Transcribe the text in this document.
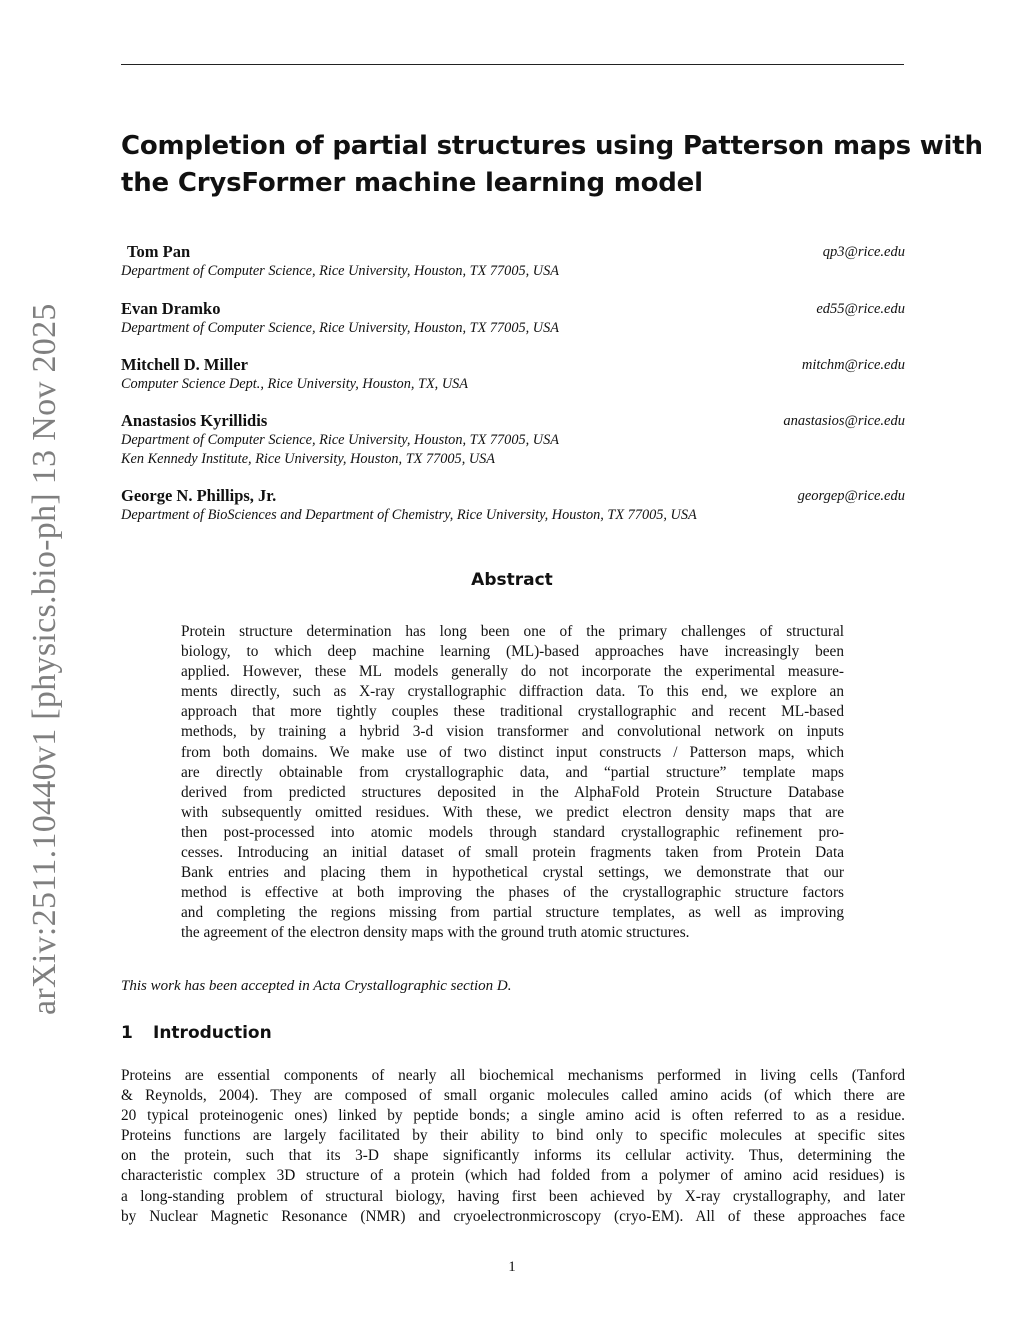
arXiv:2511.10440v1 [physics.bio-ph] 13 Nov 2025
Completion of partial structures using Patterson maps with
the CrysFormer machine learning model
Tom Pan	qp3@rice.edu
Department of Computer Science, Rice University, Houston, TX 77005, USA
Evan Dramko	ed55@rice.edu
Department of Computer Science, Rice University, Houston, TX 77005, USA
Mitchell D. Miller	mitchm@rice.edu
Computer Science Dept., Rice University, Houston, TX, USA
Anastasios Kyrillidis	anastasios@rice.edu
Department of Computer Science, Rice University, Houston, TX 77005, USA
Ken Kennedy Institute, Rice University, Houston, TX 77005, USA
George N. Phillips, Jr.	georgep@rice.edu
Department of BioSciences and Department of Chemistry, Rice University, Houston, TX 77005, USA
Abstract
Protein structure determination has long been one of the primary challenges of structural
biology, to which deep machine learning (ML)-based approaches have increasingly been
applied. However, these ML models generally do not incorporate the experimental measure-
ments directly, such as X-ray crystallographic diffraction data. To this end, we explore an
approach that more tightly couples these traditional crystallographic and recent ML-based
methods, by training a hybrid 3-d vision transformer and convolutional network on inputs
from both domains. We make use of two distinct input constructs / Patterson maps, which
are directly obtainable from crystallographic data, and “partial structure” template maps
derived from predicted structures deposited in the AlphaFold Protein Structure Database
with subsequently omitted residues. With these, we predict electron density maps that are
then post-processed into atomic models through standard crystallographic refinement pro-
cesses. Introducing an initial dataset of small protein fragments taken from Protein Data
Bank entries and placing them in hypothetical crystal settings, we demonstrate that our
method is effective at both improving the phases of the crystallographic structure factors
and completing the regions missing from partial structure templates, as well as improving
the agreement of the electron density maps with the ground truth atomic structures.
This work has been accepted in Acta Crystallographic section D.
1 Introduction
Proteins are essential components of nearly all biochemical mechanisms performed in living cells (Tanford
& Reynolds, 2004). They are composed of small organic molecules called amino acids (of which there are
20 typical proteinogenic ones) linked by peptide bonds; a single amino acid is often referred to as a residue.
Proteins functions are largely facilitated by their ability to bind only to specific molecules at specific sites
on the protein, such that its 3-D shape significantly informs its cellular activity. Thus, determining the
characteristic complex 3D structure of a protein (which had folded from a polymer of amino acid residues) is
a long-standing problem of structural biology, having first been achieved by X-ray crystallography, and later
by Nuclear Magnetic Resonance (NMR) and cryoelectronmicroscopy (cryo-EM). All of these approaches face
1
